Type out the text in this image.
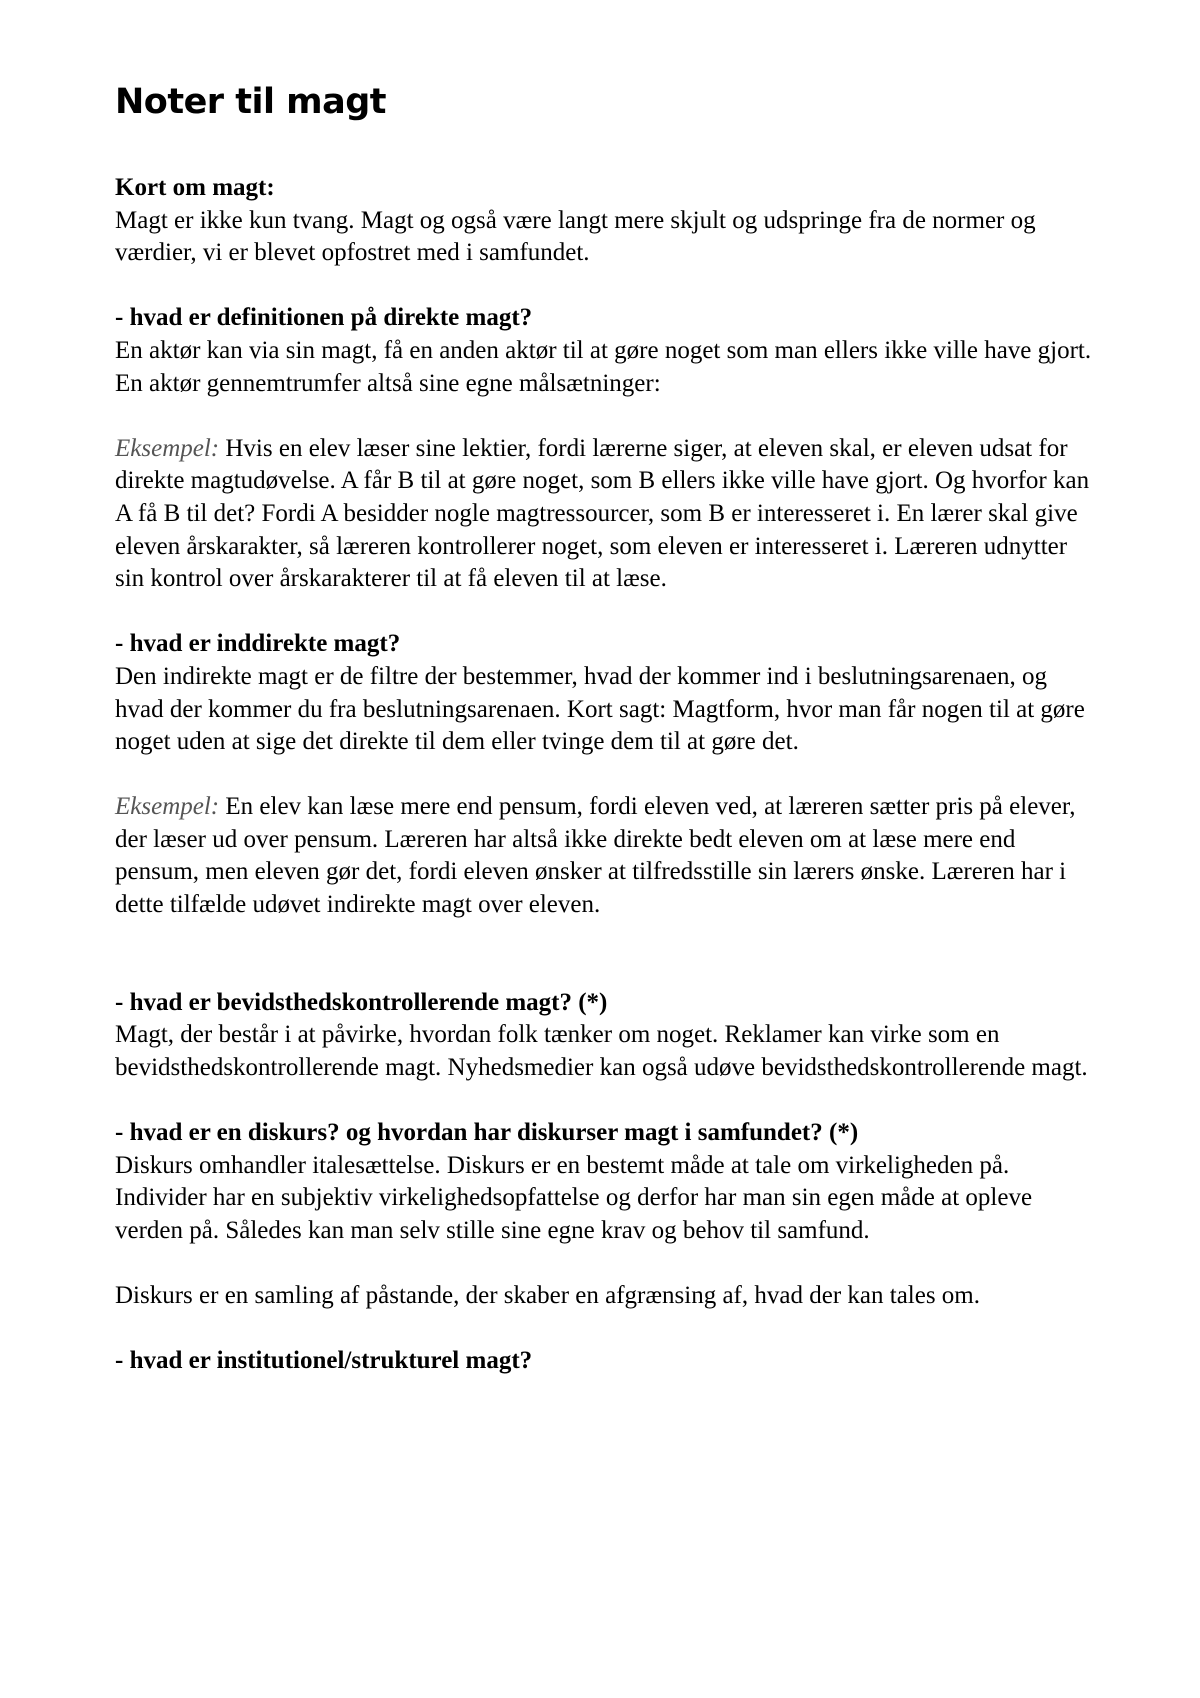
Noter til magt
Kort om magt:

Magt er ikke kun tvang. Magt og også være langt mere skjult og udspringe fra de normer og værdier, vi er blevet opfostret med i samfundet.

- hvad er definitionen på direkte magt?

En aktør kan via sin magt, få en anden aktør til at gøre noget som man ellers ikke ville have gjort. En aktør gennemtrumfer altså sine egne målsætninger:

Eksempel: Hvis en elev læser sine lektier, fordi lærerne siger, at eleven skal, er eleven udsat for direkte magtudøvelse. A får B til at gøre noget, som B ellers ikke ville have gjort. Og hvorfor kan A få B til det? Fordi A besidder nogle magtressourcer, som B er interesseret i. En lærer skal give eleven årskarakter, så læreren kontrollerer noget, som eleven er interesseret i. Læreren udnytter sin kontrol over årskarakterer til at få eleven til at læse.

- hvad er inddirekte magt?

Den indirekte magt er de filtre der bestemmer, hvad der kommer ind i beslutningsarenaen, og hvad der kommer du fra beslutningsarenaen. Kort sagt: Magtform, hvor man får nogen til at gøre noget uden at sige det direkte til dem eller tvinge dem til at gøre det.

Eksempel: En elev kan læse mere end pensum, fordi eleven ved, at læreren sætter pris på elever, der læser ud over pensum. Læreren har altså ikke direkte bedt eleven om at læse mere end pensum, men eleven gør det, fordi eleven ønsker at tilfredsstille sin lærers ønske. Læreren har i dette tilfælde udøvet indirekte magt over eleven.

- hvad er bevidsthedskontrollerende magt? (*)

Magt, der består i at påvirke, hvordan folk tænker om noget. Reklamer kan virke som en bevidsthedskontrollerende magt. Nyhedsmedier kan også udøve bevidsthedskontrollerende magt.

- hvad er en diskurs? og hvordan har diskurser magt i samfundet? (*)

Diskurs omhandler italesættelse. Diskurs er en bestemt måde at tale om virkeligheden på. Individer har en subjektiv virkelighedsopfattelse og derfor har man sin egen måde at opleve verden på. Således kan man selv stille sine egne krav og behov til samfund.

Diskurs er en samling af påstande, der skaber en afgrænsing af, hvad der kan tales om.

- hvad er institutionel/strukturel magt?
